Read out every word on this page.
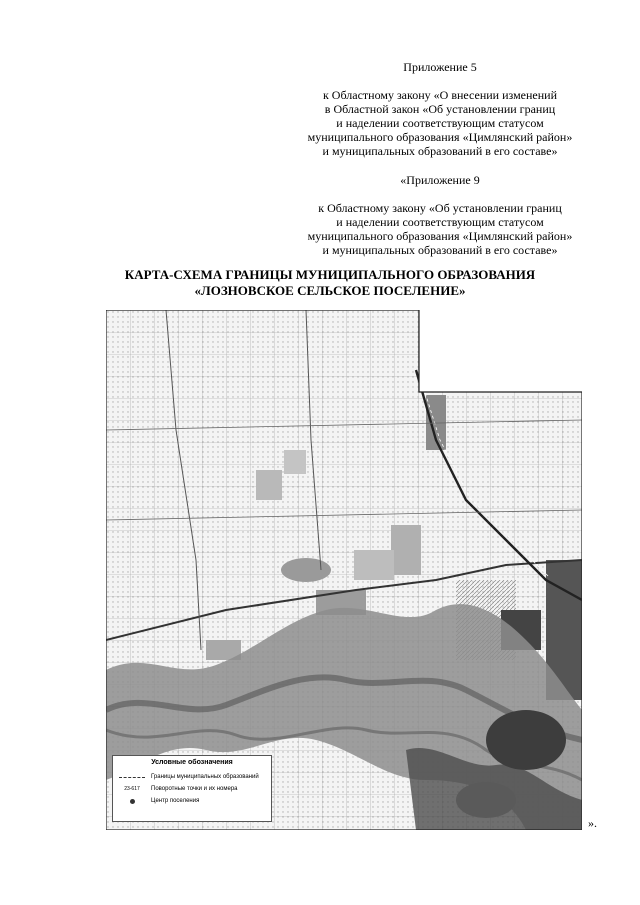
Приложение 5
к Областному закону «О внесении изменений
в Областной закон «Об установлении границ
и наделении соответствующим статусом
муниципального образования «Цимлянский район»
и муниципальных образований в его составе»
«Приложение 9
к Областному закону «Об установлении границ
и наделении соответствующим статусом
муниципального образования «Цимлянский район»
и муниципальных образований в его составе»
КАРТА-СХЕМА ГРАНИЦЫ МУНИЦИПАЛЬНОГО ОБРАЗОВАНИЯ
«ЛОЗНОВСКОЕ СЕЛЬСКОЕ ПОСЕЛЕНИЕ»
Условные обозначения
Границы муниципальных образований
23-617	Поворотные точки и их номера
Центр поселения
».
